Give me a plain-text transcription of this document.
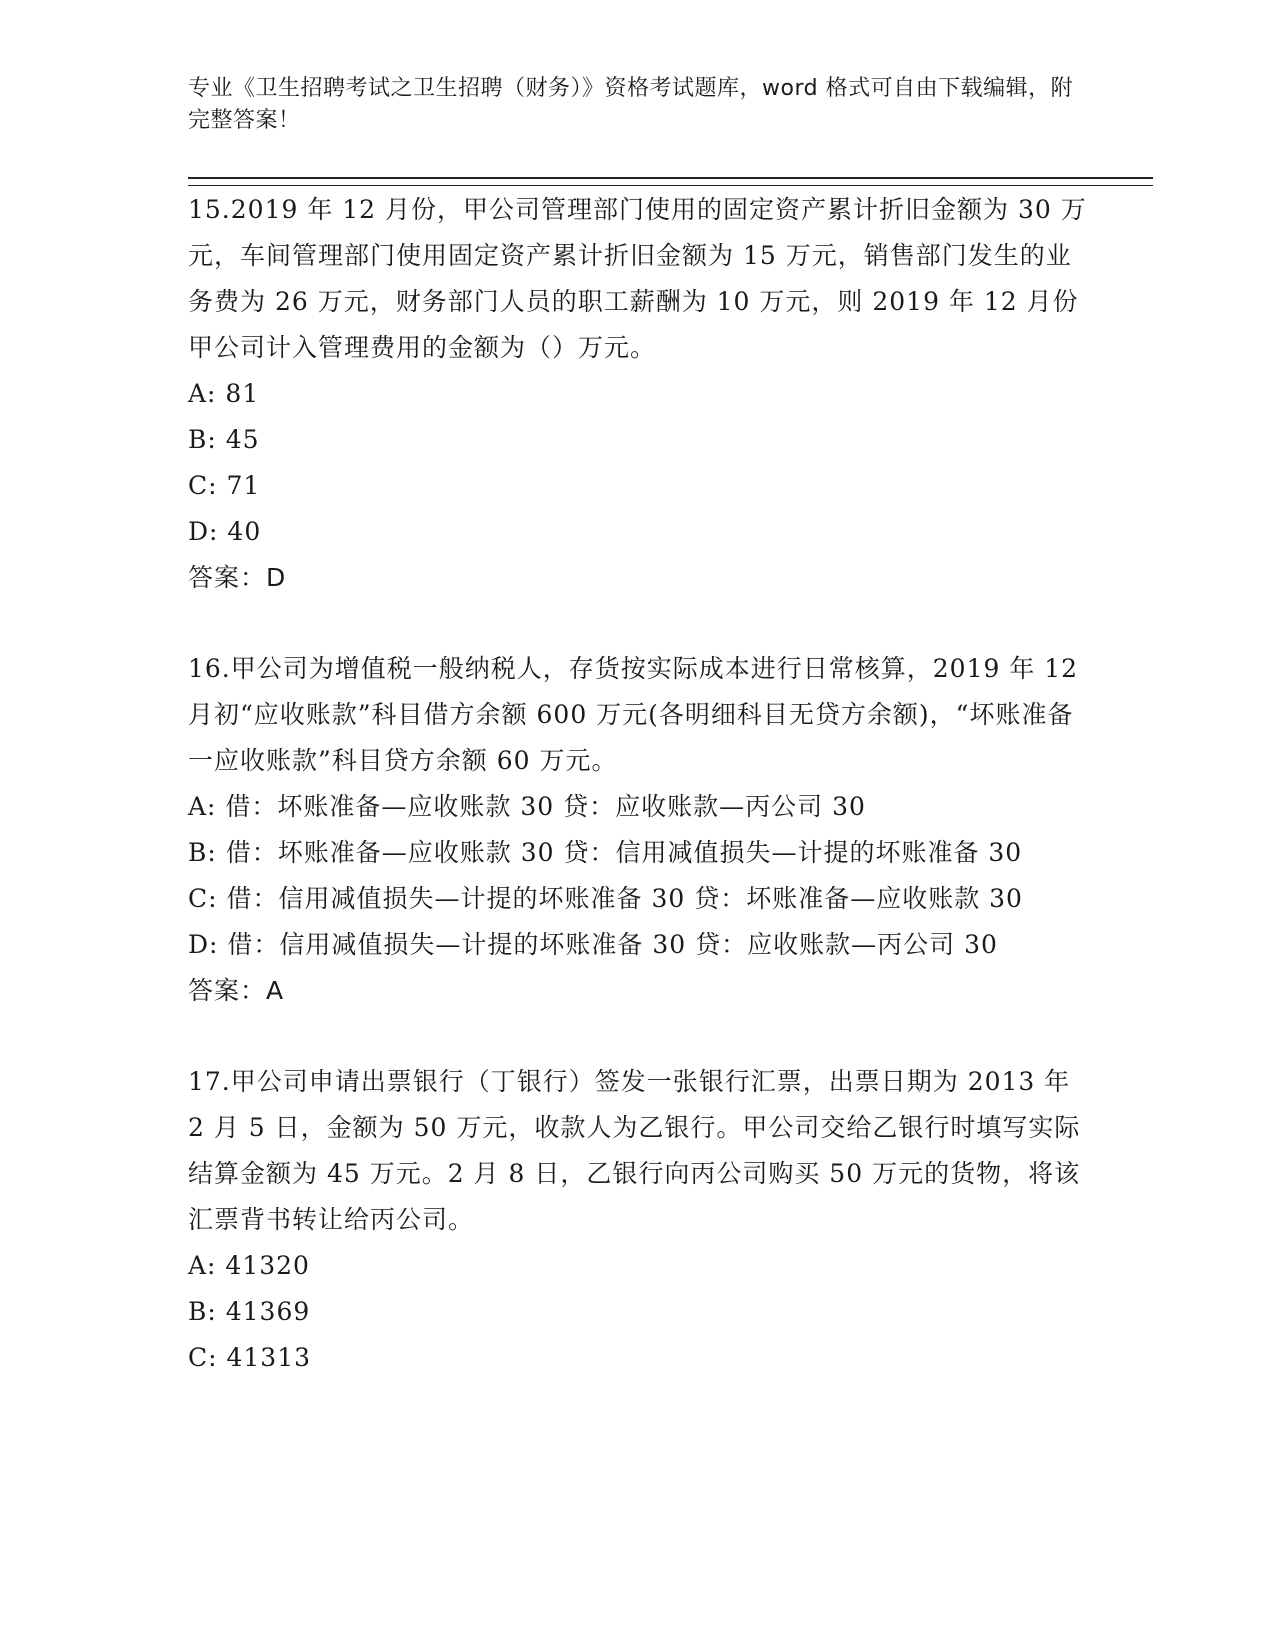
专业《卫生招聘考试之卫生招聘（财务）》资格考试题库，word 格式可自由下载编辑，附完整答案！

15.2019 年 12 月份，甲公司管理部门使用的固定资产累计折旧金额为 30 万元，车间管理部门使用固定资产累计折旧金额为 15 万元，销售部门发生的业务费为 26 万元，财务部门人员的职工薪酬为 10 万元，则 2019 年 12 月份甲公司计入管理费用的金额为（）万元。

A: 81

B: 45

C: 71

D: 40

答案：D

16.甲公司为增值税一般纳税人，存货按实际成本进行日常核算，2019 年 12 月初“应收账款”科目借方余额 600 万元(各明细科目无贷方余额)，“坏账准备一应收账款”科目贷方余额 60 万元。

A: 借：坏账准备—应收账款 30 贷：应收账款—丙公司 30

B: 借：坏账准备—应收账款 30 贷：信用减值损失—计提的坏账准备 30

C: 借：信用减值损失—计提的坏账准备 30 贷：坏账准备—应收账款 30

D: 借：信用减值损失—计提的坏账准备 30 贷：应收账款—丙公司 30

答案：A

17.甲公司申请出票银行（丁银行）签发一张银行汇票，出票日期为 2013 年 2 月 5 日，金额为 50 万元，收款人为乙银行。甲公司交给乙银行时填写实际结算金额为 45 万元。2 月 8 日，乙银行向丙公司购买 50 万元的货物，将该汇票背书转让给丙公司。

A: 41320

B: 41369

C: 41313
